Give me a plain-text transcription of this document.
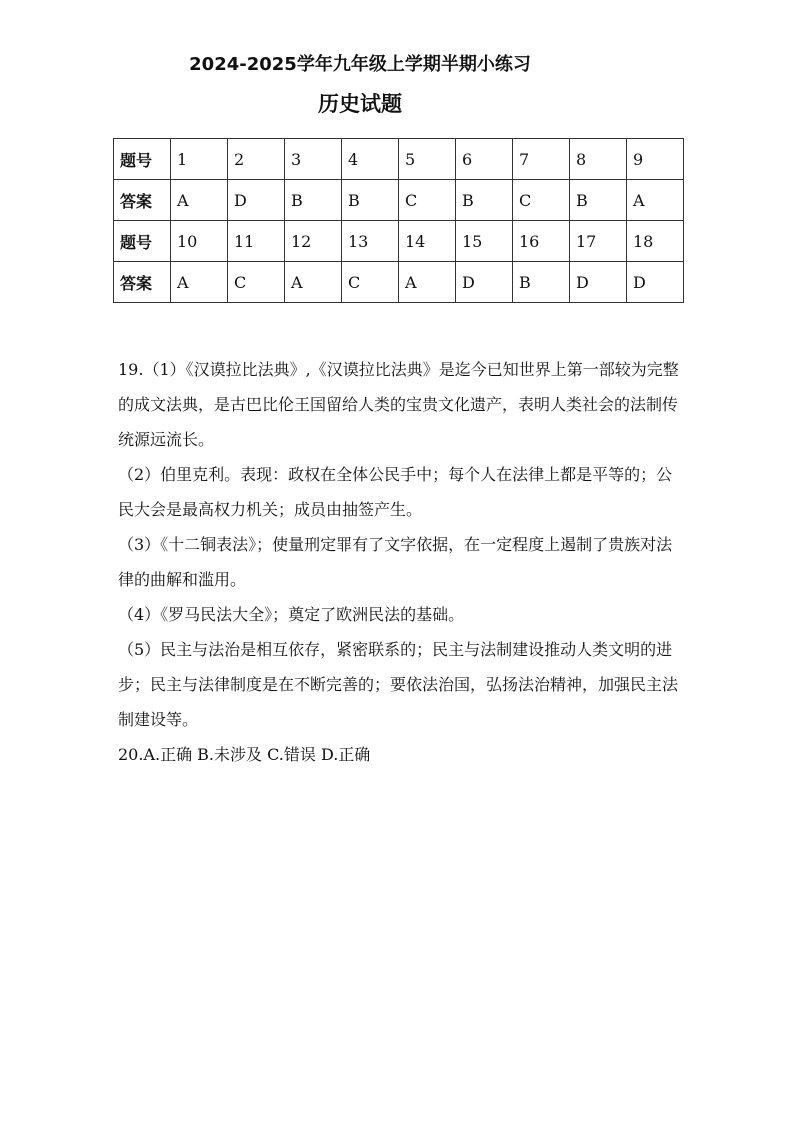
2024-2025学年九年级上学期半期小练习
历史试题
题号	1	2	3	4	5	6	7	8	9
答案	A	D	B	B	C	B	C	B	A
题号	10	11	12	13	14	15	16	17	18
答案	A	C	A	C	A	D	B	D	D

19.（1）《汉谟拉比法典》,《汉谟拉比法典》是迄今已知世界上第一部较为完整的成文法典，是古巴比伦王国留给人类的宝贵文化遗产，表明人类社会的法制传统源远流长。

（2）伯里克利。表现：政权在全体公民手中；每个人在法律上都是平等的；公民大会是最高权力机关；成员由抽签产生。

（3）《十二铜表法》；使量刑定罪有了文字依据，在一定程度上遏制了贵族对法律的曲解和滥用。

（4）《罗马民法大全》；奠定了欧洲民法的基础。

（5）民主与法治是相互依存，紧密联系的；民主与法制建设推动人类文明的进步；民主与法律制度是在不断完善的；要依法治国，弘扬法治精神，加强民主法制建设等。

20.A.正确 B.未涉及 C.错误 D.正确
